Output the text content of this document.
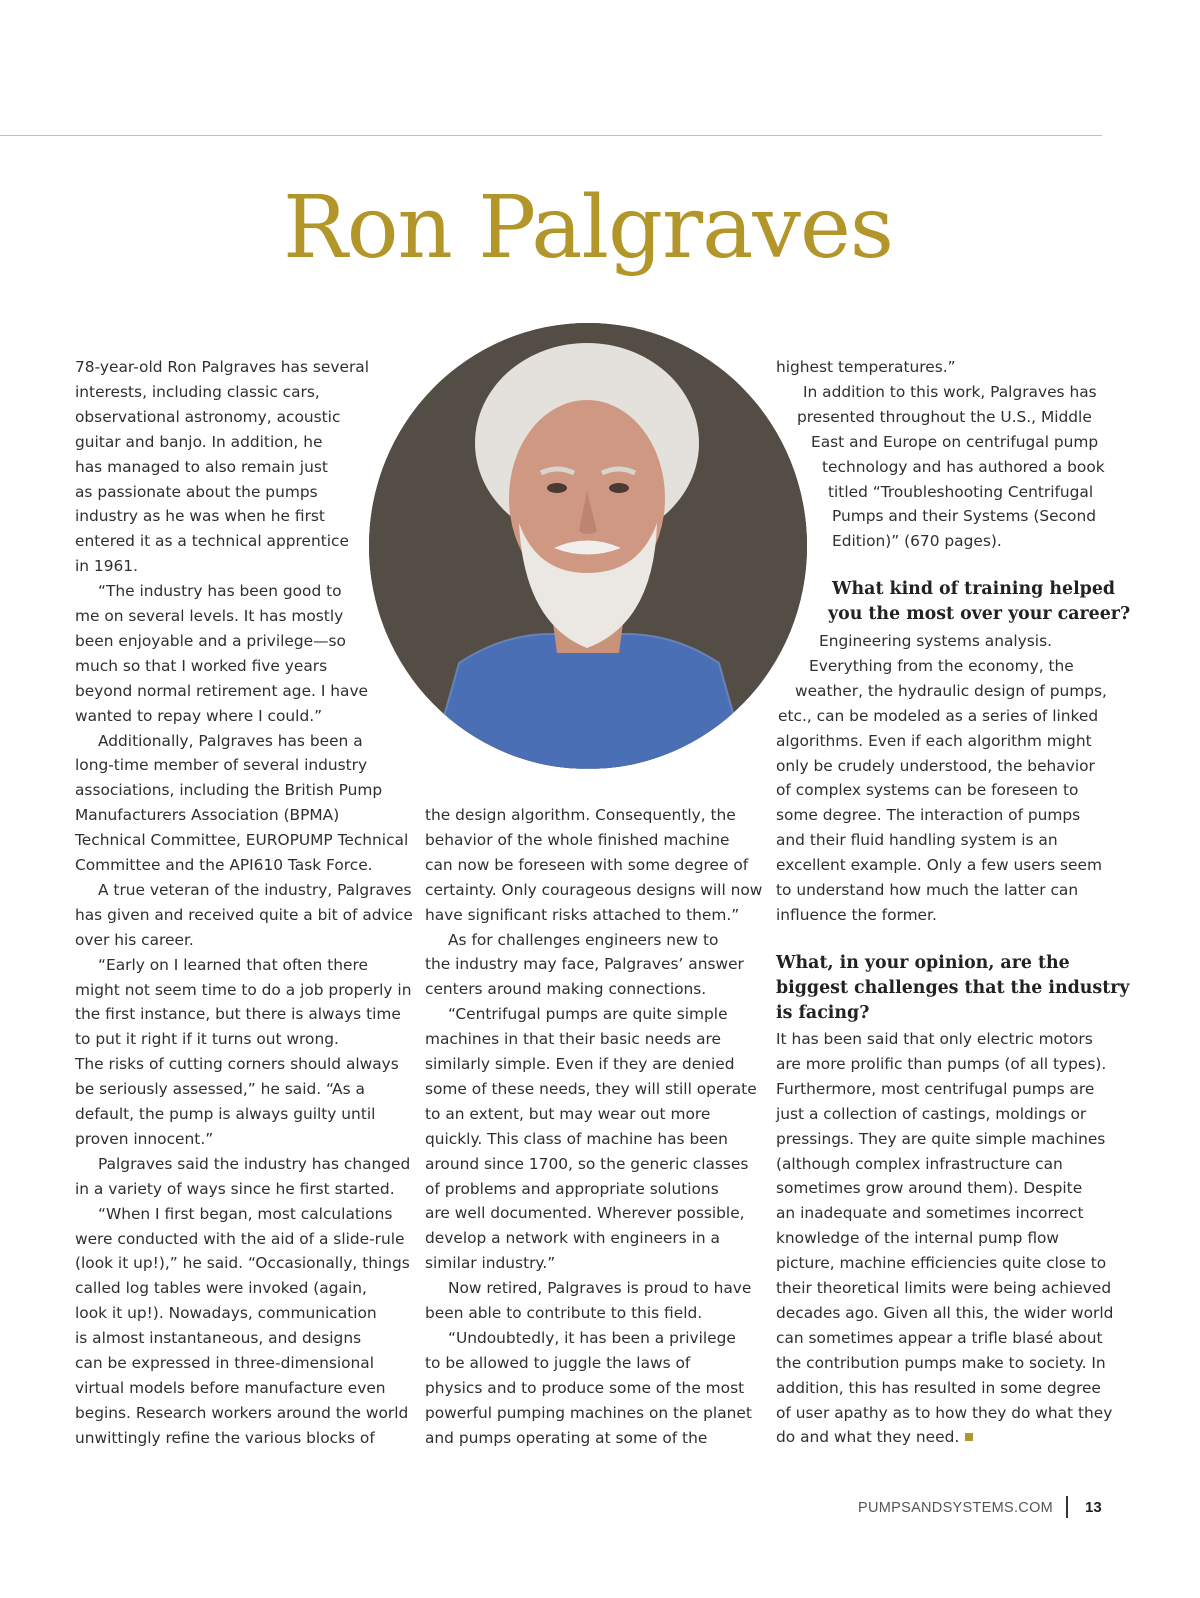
Ron Palgraves
78-year-old Ron Palgraves has several
interests, including classic cars,
observational astronomy, acoustic
guitar and banjo. In addition, he
has managed to also remain just
as passionate about the pumps
industry as he was when he first
entered it as a technical apprentice
in 1961.
“The industry has been good to
me on several levels. It has mostly
been enjoyable and a privilege—so
much so that I worked five years
beyond normal retirement age. I have
wanted to repay where I could.”
Additionally, Palgraves has been a
long-time member of several industry
associations, including the British Pump
Manufacturers Association (BPMA)
Technical Committee, EUROPUMP Technical
Committee and the API610 Task Force.
A true veteran of the industry, Palgraves
has given and received quite a bit of advice
over his career.
“Early on I learned that often there
might not seem time to do a job properly in
the first instance, but there is always time
to put it right if it turns out wrong.
The risks of cutting corners should always
be seriously assessed,” he said. “As a
default, the pump is always guilty until
proven innocent.”
Palgraves said the industry has changed
in a variety of ways since he first started.
“When I first began, most calculations
were conducted with the aid of a slide-rule
(look it up!),” he said. “Occasionally, things
called log tables were invoked (again,
look it up!). Nowadays, communication
is almost instantaneous, and designs
can be expressed in three-dimensional
virtual models before manufacture even
begins. Research workers around the world
unwittingly refine the various blocks of
the design algorithm. Consequently, the
behavior of the whole finished machine
can now be foreseen with some degree of
certainty. Only courageous designs will now
have significant risks attached to them.”
As for challenges engineers new to
the industry may face, Palgraves’ answer
centers around making connections.
“Centrifugal pumps are quite simple
machines in that their basic needs are
similarly simple. Even if they are denied
some of these needs, they will still operate
to an extent, but may wear out more
quickly. This class of machine has been
around since 1700, so the generic classes
of problems and appropriate solutions
are well documented. Wherever possible,
develop a network with engineers in a
similar industry.”
Now retired, Palgraves is proud to have
been able to contribute to this field.
“Undoubtedly, it has been a privilege
to be allowed to juggle the laws of
physics and to produce some of the most
powerful pumping machines on the planet
and pumps operating at some of the
highest temperatures.”
In addition to this work, Palgraves has
presented throughout the U.S., Middle
East and Europe on centrifugal pump
technology and has authored a book
titled “Troubleshooting Centrifugal
Pumps and their Systems (Second
Edition)” (670 pages).
What kind of training helped
you the most over your career?
Engineering systems analysis.
Everything from the economy, the
weather, the hydraulic design of pumps,
etc., can be modeled as a series of linked
algorithms. Even if each algorithm might
only be crudely understood, the behavior
of complex systems can be foreseen to
some degree. The interaction of pumps
and their fluid handling system is an
excellent example. Only a few users seem
to understand how much the latter can
influence the former.
What, in your opinion, are the
biggest challenges that the industry
is facing?
It has been said that only electric motors
are more prolific than pumps (of all types).
Furthermore, most centrifugal pumps are
just a collection of castings, moldings or
pressings. They are quite simple machines
(although complex infrastructure can
sometimes grow around them). Despite
an inadequate and sometimes incorrect
knowledge of the internal pump flow
picture, machine efficiencies quite close to
their theoretical limits were being achieved
decades ago. Given all this, the wider world
can sometimes appear a trifle blasé about
the contribution pumps make to society. In
addition, this has resulted in some degree
of user apathy as to how they do what they
do and what they need.
PUMPSANDSYSTEMS.COM 13
